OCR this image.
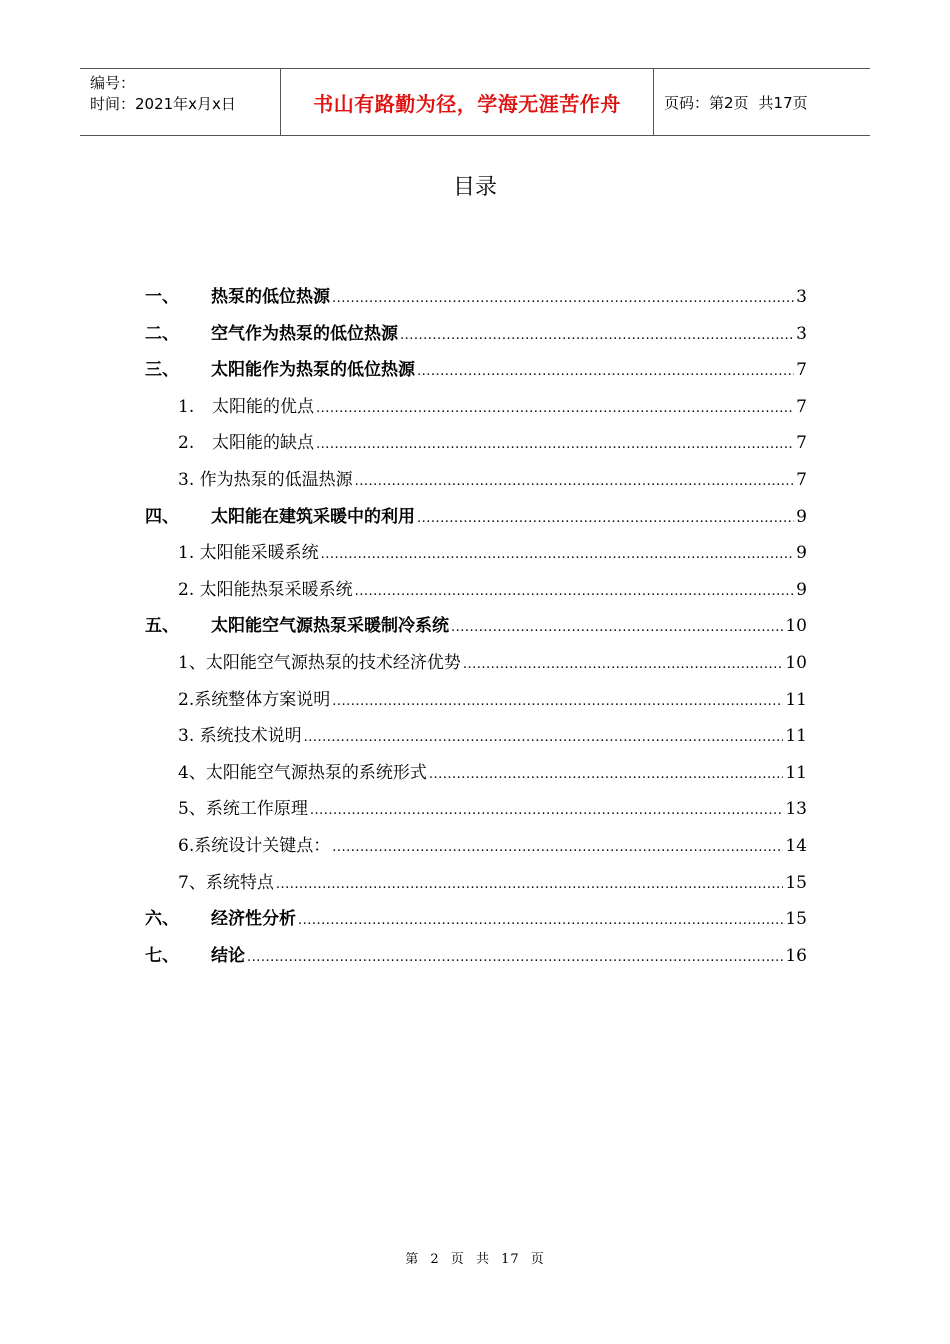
编号：
时间：2021年x月x日	书山有路勤为径，学海无涯苦作舟	页码：第2页 共17页
目录
一、	热泵的低位热源 .....	3
二、	空气作为热泵的低位热源 .....	3
三、	太阳能作为热泵的低位热源 .....	7
1.	太阳能的优点 .....	7
2.	太阳能的缺点 .....	7
3. 作为热泵的低温热源 .....	7
四、	太阳能在建筑采暖中的利用 .....	9
1. 太阳能采暖系统 .....	9
2. 太阳能热泵采暖系统 .....	9
五、	太阳能空气源热泵采暖制冷系统 .....	10
1、太阳能空气源热泵的技术经济优势 .....	10
2.系统整体方案说明 .....	11
3. 系统技术说明 .....	11
4、太阳能空气源热泵的系统形式 .....	11
5、系统工作原理 .....	13
6.系统设计关键点： .....	14
7、系统特点 .....	15
六、	经济性分析 .....	15
七、	结论 .....	16
第 2 页 共 17 页
